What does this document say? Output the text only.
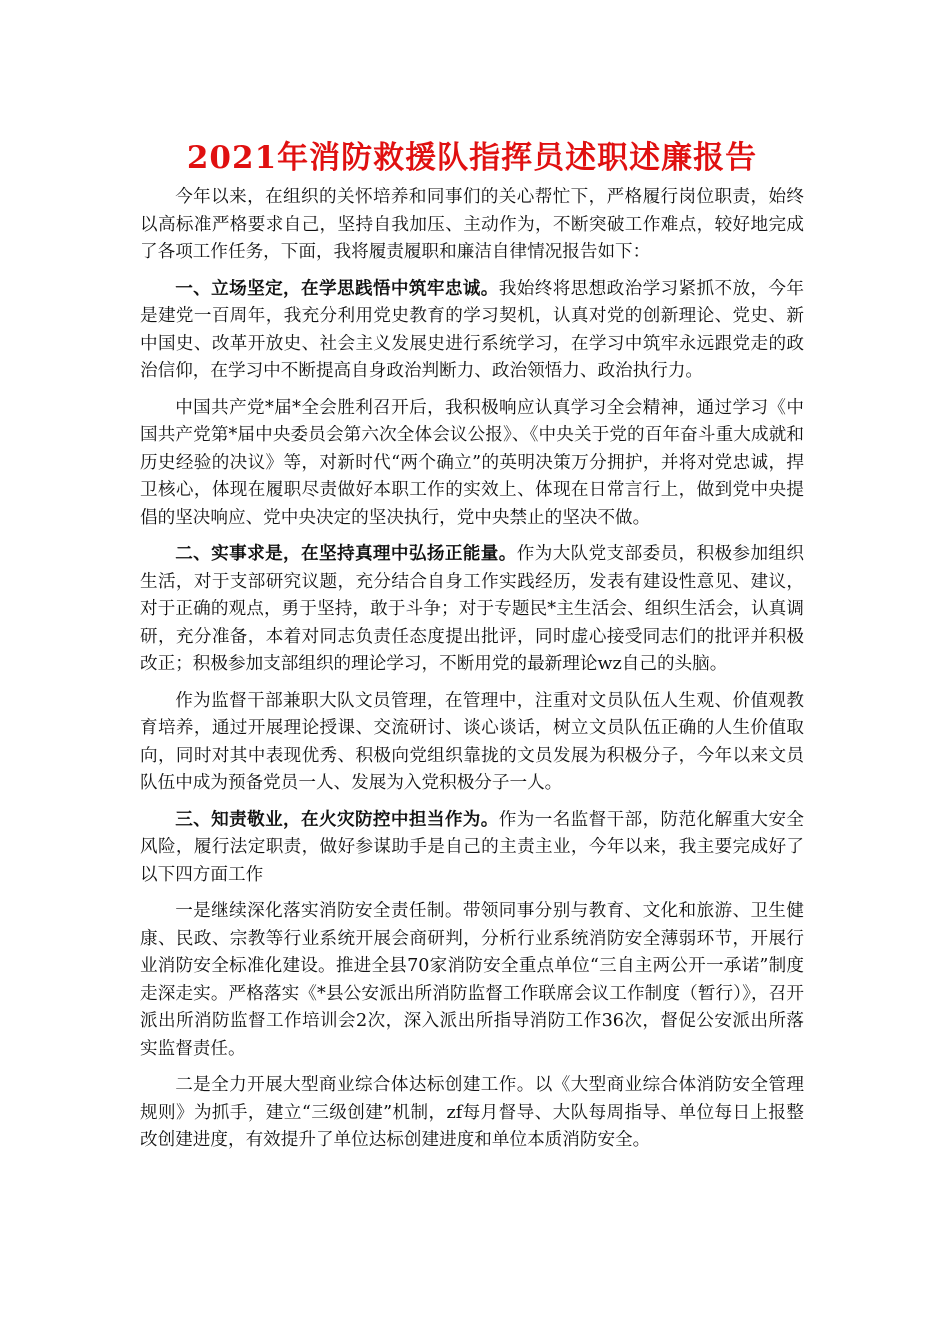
2021年消防救援队指挥员述职述廉报告

今年以来，在组织的关怀培养和同事们的关心帮忙下，严格履行岗位职责，始终以高标准严格要求自己，坚持自我加压、主动作为，不断突破工作难点，较好地完成了各项工作任务，下面，我将履责履职和廉洁自律情况报告如下：

一、立场坚定，在学思践悟中筑牢忠诚。我始终将思想政治学习紧抓不放，今年是建党一百周年，我充分利用党史教育的学习契机，认真对党的创新理论、党史、新中国史、改革开放史、社会主义发展史进行系统学习，在学习中筑牢永远跟党走的政治信仰，在学习中不断提高自身政治判断力、政治领悟力、政治执行力。

中国共产党*届*全会胜利召开后，我积极响应认真学习全会精神，通过学习《中国共产党第*届中央委员会第六次全体会议公报》、《中央关于党的百年奋斗重大成就和历史经验的决议》等，对新时代“两个确立”的英明决策万分拥护，并将对党忠诚，捍卫核心，体现在履职尽责做好本职工作的实效上、体现在日常言行上，做到党中央提倡的坚决响应、党中央决定的坚决执行，党中央禁止的坚决不做。

二、实事求是，在坚持真理中弘扬正能量。作为大队党支部委员，积极参加组织生活，对于支部研究议题，充分结合自身工作实践经历，发表有建设性意见、建议，对于正确的观点，勇于坚持，敢于斗争；对于专题民*主生活会、组织生活会，认真调研，充分准备，本着对同志负责任态度提出批评，同时虚心接受同志们的批评并积极改正；积极参加支部组织的理论学习，不断用党的最新理论wz自己的头脑。

作为监督干部兼职大队文员管理，在管理中，注重对文员队伍人生观、价值观教育培养，通过开展理论授课、交流研讨、谈心谈话，树立文员队伍正确的人生价值取向，同时对其中表现优秀、积极向党组织靠拢的文员发展为积极分子，今年以来文员队伍中成为预备党员一人、发展为入党积极分子一人。

三、知责敬业，在火灾防控中担当作为。作为一名监督干部，防范化解重大安全风险，履行法定职责，做好参谋助手是自己的主责主业，今年以来，我主要完成好了以下四方面工作

一是继续深化落实消防安全责任制。带领同事分别与教育、文化和旅游、卫生健康、民政、宗教等行业系统开展会商研判，分析行业系统消防安全薄弱环节，开展行业消防安全标准化建设。推进全县70家消防安全重点单位“三自主两公开一承诺”制度走深走实。严格落实《*县公安派出所消防监督工作联席会议工作制度（暂行）》，召开派出所消防监督工作培训会2次，深入派出所指导消防工作36次，督促公安派出所落实监督责任。

二是全力开展大型商业综合体达标创建工作。以《大型商业综合体消防安全管理规则》为抓手，建立“三级创建”机制，zf每月督导、大队每周指导、单位每日上报整改创建进度，有效提升了单位达标创建进度和单位本质消防安全。
